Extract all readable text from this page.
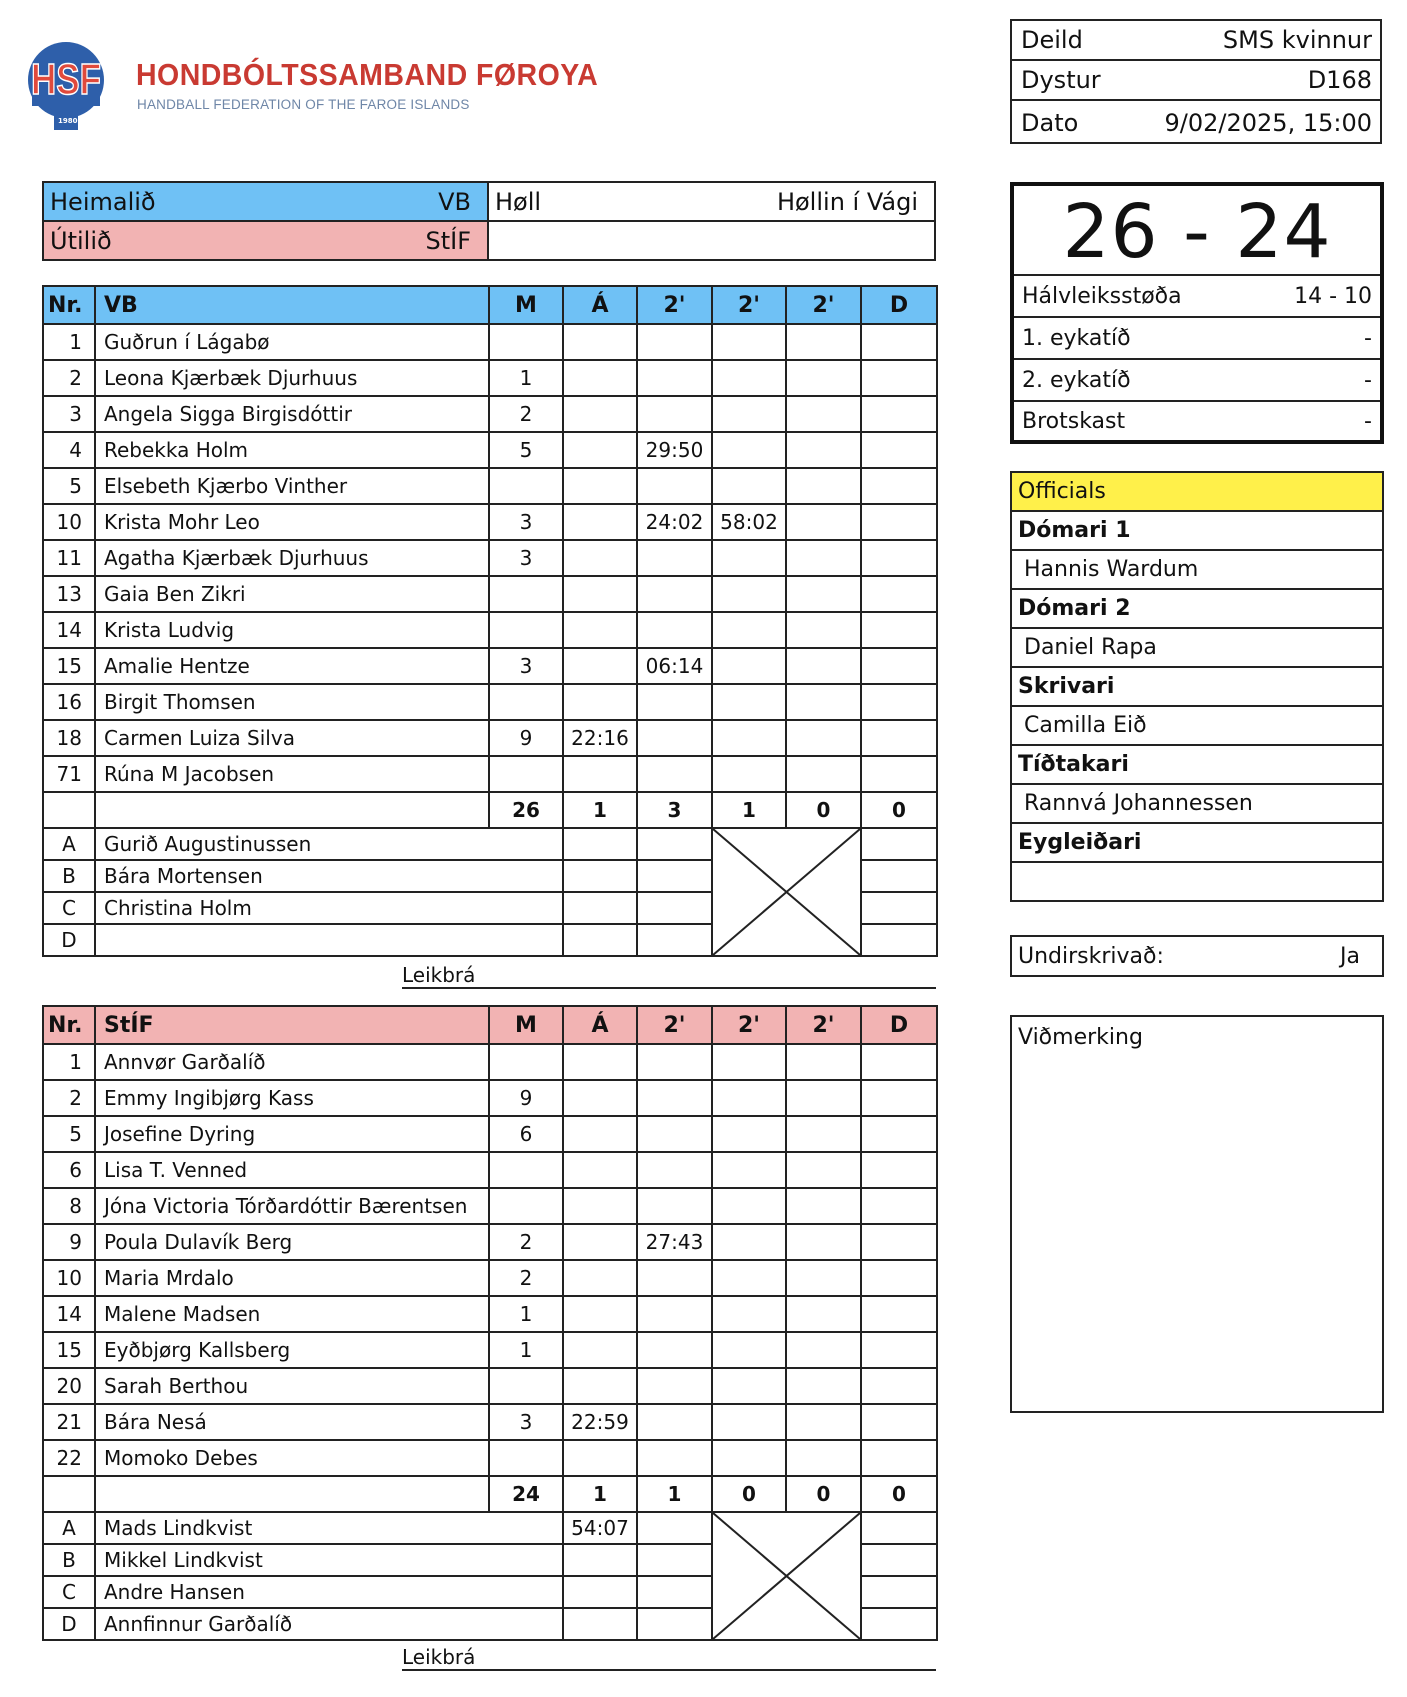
HSF
1980
HONDBÓLTSSAMBAND FØROYA
HANDBALL FEDERATION OF THE FAROE ISLANDS
Deild	SMS kvinnur
Dystur	D168
Dato	9/02/2025, 15:00
Heimalið	VB
Útilið	StÍF
Høll	Høllin í Vági
Nr.	VB	M	Á	2'	2'	2'	D
1	Guðrun í Lágabø						
2	Leona Kjærbæk Djurhuus	1					
3	Angela Sigga Birgisdóttir	2					
4	Rebekka Holm	5		29:50			
5	Elsebeth Kjærbo Vinther						
10	Krista Mohr Leo	3		24:02	58:02		
11	Agatha Kjærbæk Djurhuus	3					
13	Gaia Ben Zikri						
14	Krista Ludvig						
15	Amalie Hentze	3		06:14			
16	Birgit Thomsen						
18	Carmen Luiza Silva	9	22:16				
71	Rúna M Jacobsen						
		26	1	3	1	0	0
A	Gurið Augustinussen			

B	Bára Mortensen						
C	Christina Holm						
D							
Leikbrá
Nr.	StÍF	M	Á	2'	2'	2'	D
1	Annvør Garðalíð						
2	Emmy Ingibjørg Kass	9					
5	Josefine Dyring	6					
6	Lisa T. Venned						
8	Jóna Victoria Tórðardóttir Bærentsen						
9	Poula Dulavík Berg	2		27:43			
10	Maria Mrdalo	2					
14	Malene Madsen	1					
15	Eyðbjørg Kallsberg	1					
20	Sarah Berthou						
21	Bára Nesá	3	22:59				
22	Momoko Debes						
		24	1	1	0	0	0
A	Mads Lindkvist		54:07		

B	Mikkel Lindkvist						
C	Andre Hansen						
D	Annfinnur Garðalíð						
Leikbrá
26 - 24
Hálvleiksstøða	14 - 10
1. eykatíð	-
2. eykatíð	-
Brotskast	-
Officials
Dómari 1
Hannis Wardum
Dómari 2
Daniel Rapa
Skrivari
Camilla Eið
Tíðtakari
Rannvá Johannessen
Eygleiðari
Undirskrivað:	Ja
Viðmerking
